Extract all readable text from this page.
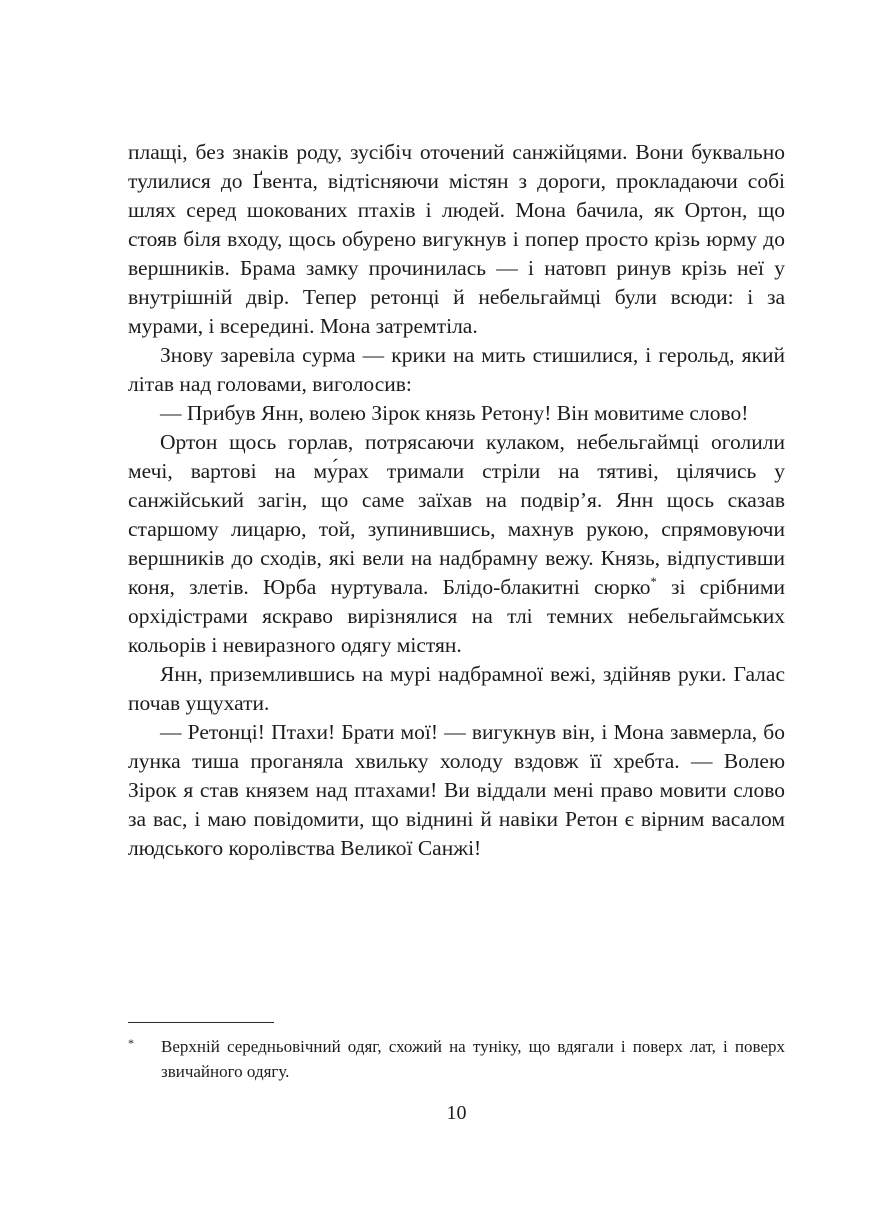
плащі, без знаків роду, зусібіч оточений санжійцями. Вони буквально тулилися до Ґвента, відтісняючи містян з дороги, прокладаючи собі шлях серед шокованих птахів і людей. Мона бачила, як Ортон, що стояв біля входу, щось обурено вигукнув і попер просто крізь юрму до вершників. Брама замку прочинилась — і натовп ринув крізь неї у внутрішній двір. Тепер ретонці й небельгаймці були всюди: і за мурами, і всередині. Мона затремтіла.

Знову заревіла сурма — крики на мить стишилися, і герольд, який літав над головами, виголосив:

— Прибув Янн, волею Зірок князь Ретону! Він мовитиме слово!

Ортон щось горлав, потрясаючи кулаком, небельгаймці оголили мечі, вартові на му́рах тримали стріли на тятиві, цілячись у санжійський загін, що саме заїхав на подвір’я. Янн щось сказав старшому лицарю, той, зупинившись, махнув рукою, спрямовуючи вершників до сходів, які вели на надбрамну вежу. Князь, відпустивши коня, злетів. Юрба нуртувала. Блідо-блакитні сюрко* зі срібними орхідістрами яскраво вирізнялися на тлі темних небельгаймських кольорів і невиразного одягу містян.

Янн, приземлившись на мурі надбрамної вежі, здійняв руки. Галас почав ущухати.

— Ретонці! Птахи! Брати мої! — вигукнув він, і Мона завмерла, бо лунка тиша проганяла хвильку холоду вздовж її хребта. — Волею Зірок я став князем над птахами! Ви віддали мені право мовити слово за вас, і маю повідомити, що віднині й навіки Ретон є вірним васалом людського королівства Великої Санжі!

* Верхній середньовічний одяг, схожий на туніку, що вдягали і поверх лат, і поверх звичайного одягу.
10
